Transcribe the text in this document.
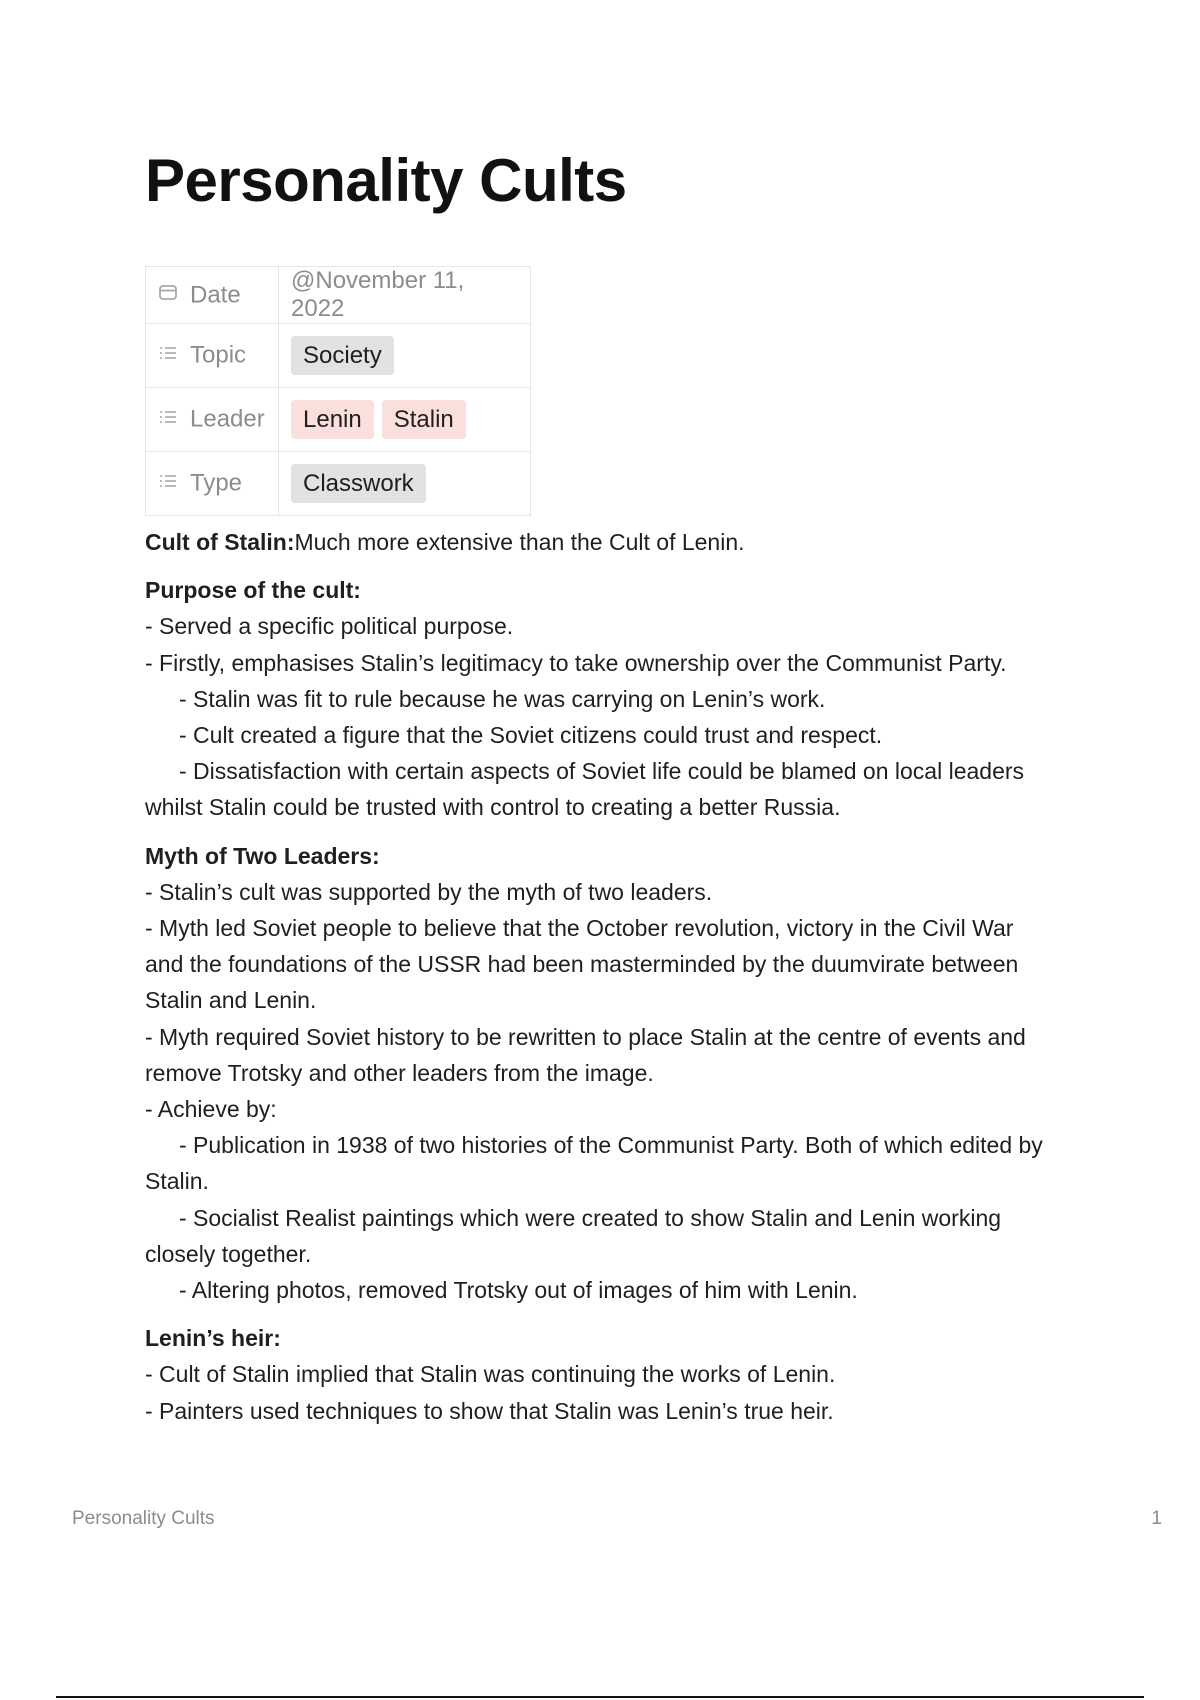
Personality Cults
Date	@November 11, 2022
Topic	Society
Leader	Lenin Stalin
Type	Classwork

Cult of Stalin:Much more extensive than the Cult of Lenin.

Purpose of the cult:

- Served a specific political purpose.

- Firstly, emphasises Stalin’s legitimacy to take ownership over the Communist Party.

- Stalin was fit to rule because he was carrying on Lenin’s work.

- Cult created a figure that the Soviet citizens could trust and respect.

- Dissatisfaction with certain aspects of Soviet life could be blamed on local leaders

whilst Stalin could be trusted with control to creating a better Russia.

Myth of Two Leaders:

- Stalin’s cult was supported by the myth of two leaders.

- Myth led Soviet people to believe that the October revolution, victory in the Civil War

and the foundations of the USSR had been masterminded by the duumvirate between

Stalin and Lenin.

- Myth required Soviet history to be rewritten to place Stalin at the centre of events and

remove Trotsky and other leaders from the image.

- Achieve by:

- Publication in 1938 of two histories of the Communist Party. Both of which edited by

Stalin.

- Socialist Realist paintings which were created to show Stalin and Lenin working

closely together.

- Altering photos, removed Trotsky out of images of him with Lenin.

Lenin’s heir:

- Cult of Stalin implied that Stalin was continuing the works of Lenin.

- Painters used techniques to show that Stalin was Lenin’s true heir.

Personality Cults	1
